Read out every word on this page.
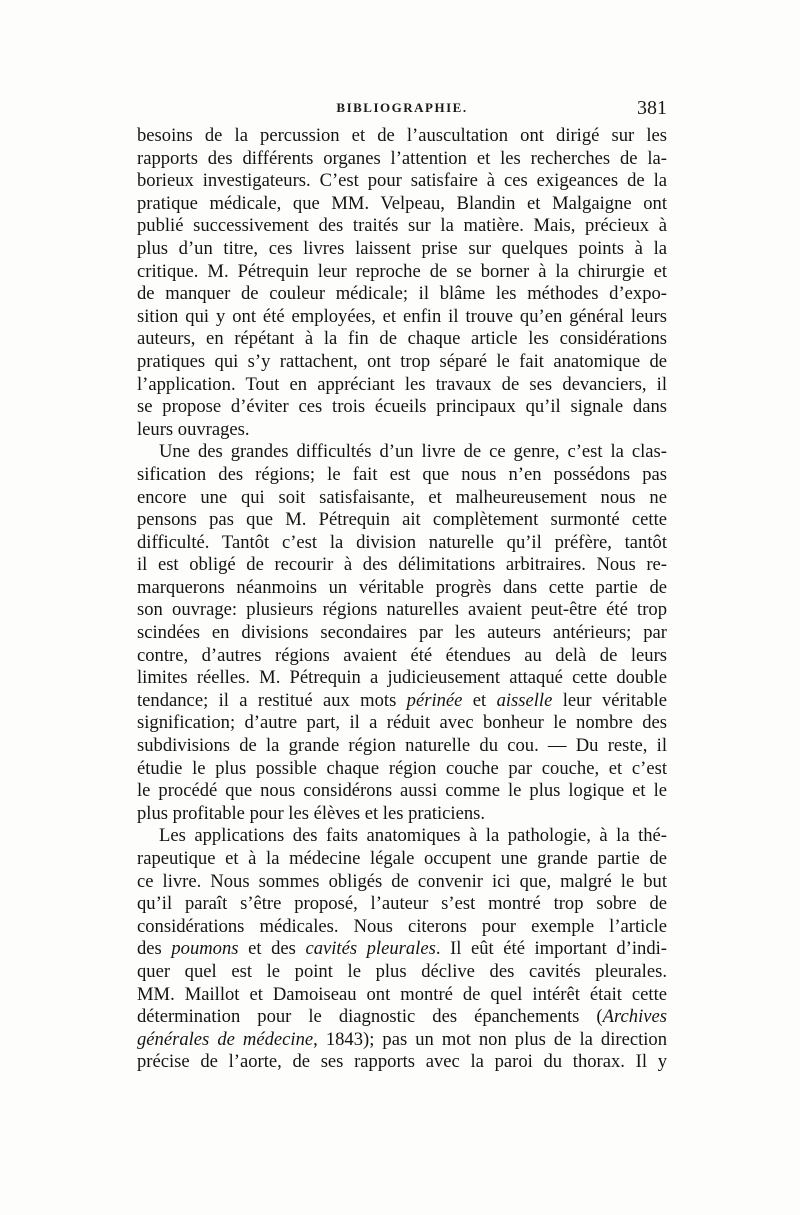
BIBLIOGRAPHIE.	381
besoins de la percussion et de l’auscultation ont dirigé sur les
rapports des différents organes l’attention et les recherches de la-
borieux investigateurs. C’est pour satisfaire à ces exigeances de la
pratique médicale, que MM. Velpeau, Blandin et Malgaigne ont
publié successivement des traités sur la matière. Mais, précieux à
plus d’un titre, ces livres laissent prise sur quelques points à la
critique. M. Pétrequin leur reproche de se borner à la chirurgie et
de manquer de couleur médicale; il blâme les méthodes d’expo-
sition qui y ont été employées, et enfin il trouve qu’en général leurs
auteurs, en répétant à la fin de chaque article les considérations
pratiques qui s’y rattachent, ont trop séparé le fait anatomique de
l’application. Tout en appréciant les travaux de ses devanciers, il
se propose d’éviter ces trois écueils principaux qu’il signale dans
leurs ouvrages.
Une des grandes difficultés d’un livre de ce genre, c’est la clas-
sification des régions; le fait est que nous n’en possédons pas
encore une qui soit satisfaisante, et malheureusement nous ne
pensons pas que M. Pétrequin ait complètement surmonté cette
difficulté. Tantôt c’est la division naturelle qu’il préfère, tantôt
il est obligé de recourir à des délimitations arbitraires. Nous re-
marquerons néanmoins un véritable progrès dans cette partie de
son ouvrage: plusieurs régions naturelles avaient peut-être été trop
scindées en divisions secondaires par les auteurs antérieurs; par
contre, d’autres régions avaient été étendues au delà de leurs
limites réelles. M. Pétrequin a judicieusement attaqué cette double
tendance; il a restitué aux mots périnée et aisselle leur véritable
signification; d’autre part, il a réduit avec bonheur le nombre des
subdivisions de la grande région naturelle du cou. — Du reste, il
étudie le plus possible chaque région couche par couche, et c’est
le procédé que nous considérons aussi comme le plus logique et le
plus profitable pour les élèves et les praticiens.
Les applications des faits anatomiques à la pathologie, à la thé-
rapeutique et à la médecine légale occupent une grande partie de
ce livre. Nous sommes obligés de convenir ici que, malgré le but
qu’il paraît s’être proposé, l’auteur s’est montré trop sobre de
considérations médicales. Nous citerons pour exemple l’article
des poumons et des cavités pleurales. Il eût été important d’indi-
quer quel est le point le plus déclive des cavités pleurales.
MM. Maillot et Damoiseau ont montré de quel intérêt était cette
détermination pour le diagnostic des épanchements (Archives
générales de médecine, 1843); pas un mot non plus de la direction
précise de l’aorte, de ses rapports avec la paroi du thorax. Il y
